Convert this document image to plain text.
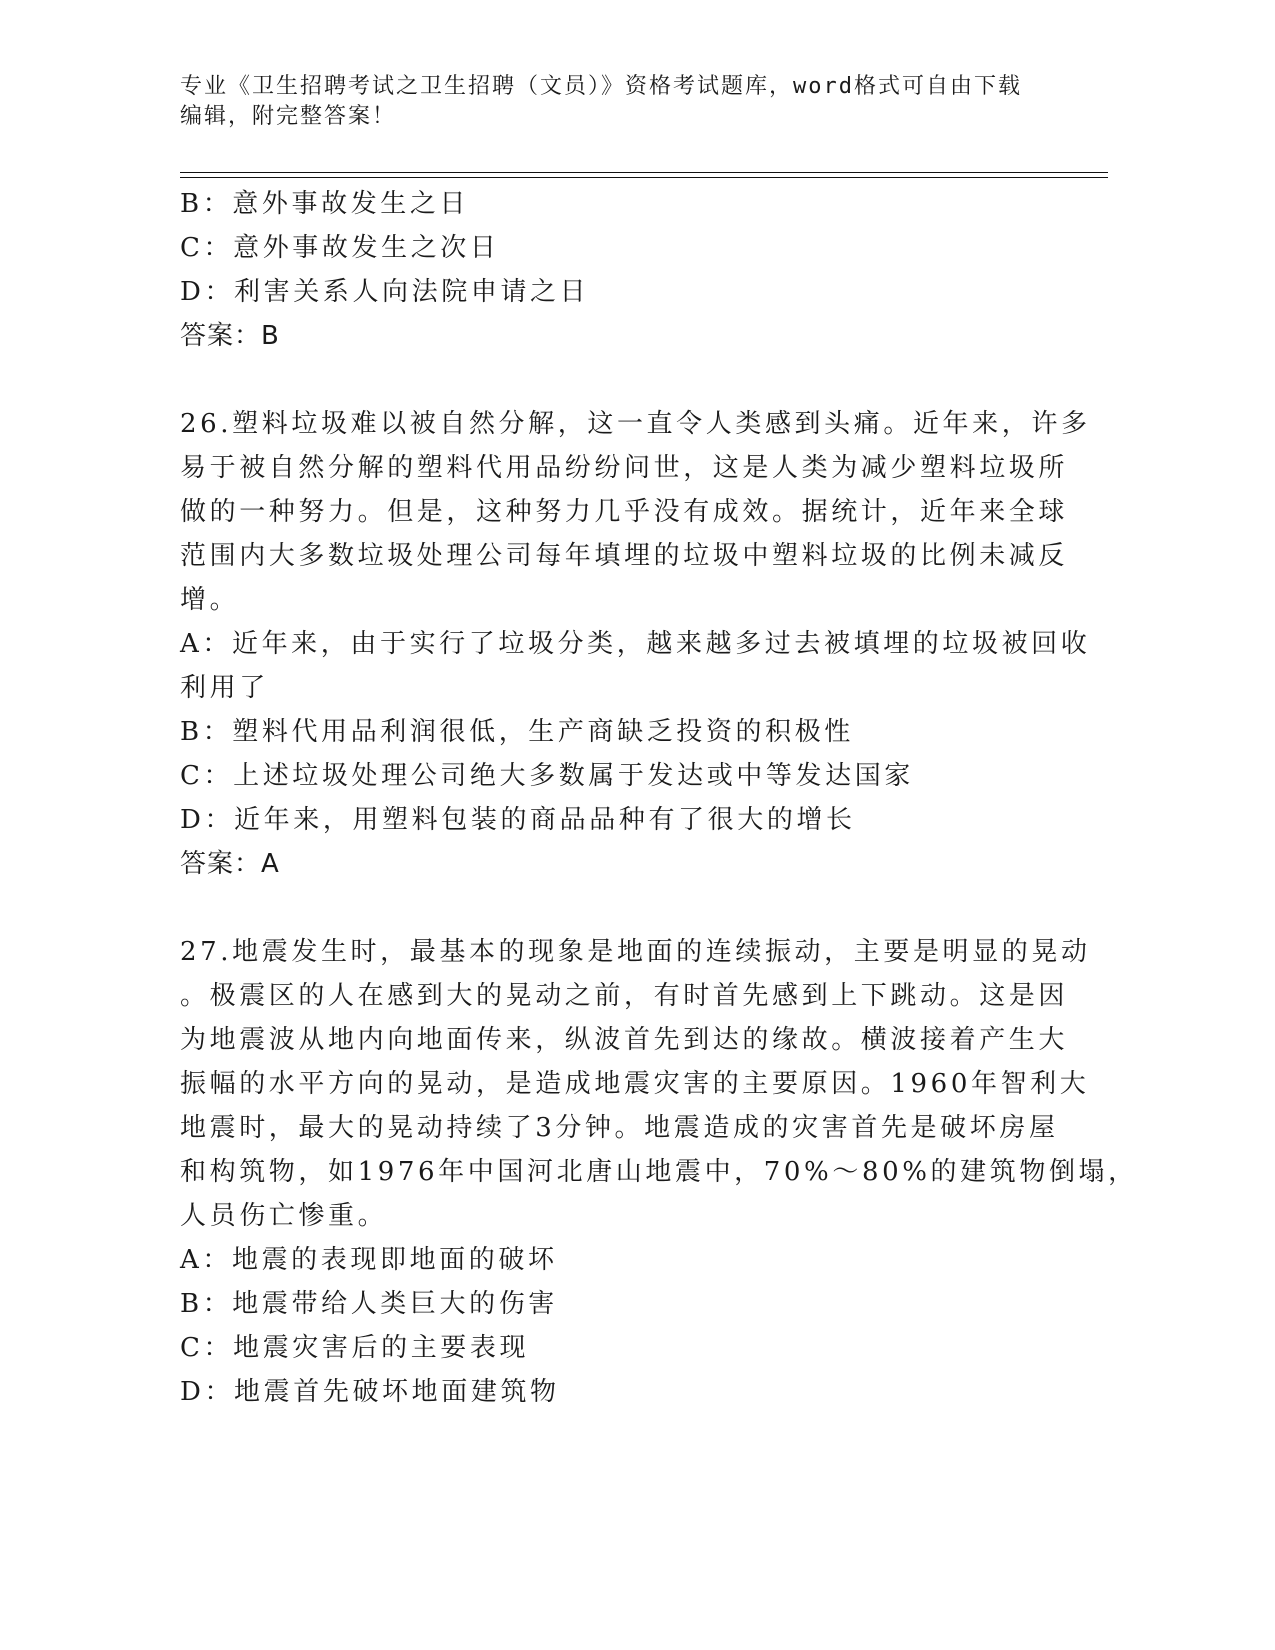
专业《卫生招聘考试之卫生招聘（文员）》资格考试题库，word格式可自由下载
编辑，附完整答案！
B：意外事故发生之日
C：意外事故发生之次日
D：利害关系人向法院申请之日
答案：B
26.塑料垃圾难以被自然分解，这一直令人类感到头痛。近年来，许多
易于被自然分解的塑料代用品纷纷问世，这是人类为减少塑料垃圾所
做的一种努力。但是，这种努力几乎没有成效。据统计，近年来全球
范围内大多数垃圾处理公司每年填埋的垃圾中塑料垃圾的比例未减反
增。
A：近年来，由于实行了垃圾分类，越来越多过去被填埋的垃圾被回收
利用了
B：塑料代用品利润很低，生产商缺乏投资的积极性
C：上述垃圾处理公司绝大多数属于发达或中等发达国家
D：近年来，用塑料包装的商品品种有了很大的增长
答案：A
27.地震发生时，最基本的现象是地面的连续振动，主要是明显的晃动
。极震区的人在感到大的晃动之前，有时首先感到上下跳动。这是因
为地震波从地内向地面传来，纵波首先到达的缘故。横波接着产生大
振幅的水平方向的晃动，是造成地震灾害的主要原因。1960年智利大
地震时，最大的晃动持续了3分钟。地震造成的灾害首先是破坏房屋
和构筑物，如1976年中国河北唐山地震中，70%～80%的建筑物倒塌，
人员伤亡惨重。
A：地震的表现即地面的破坏
B：地震带给人类巨大的伤害
C：地震灾害后的主要表现
D：地震首先破坏地面建筑物
